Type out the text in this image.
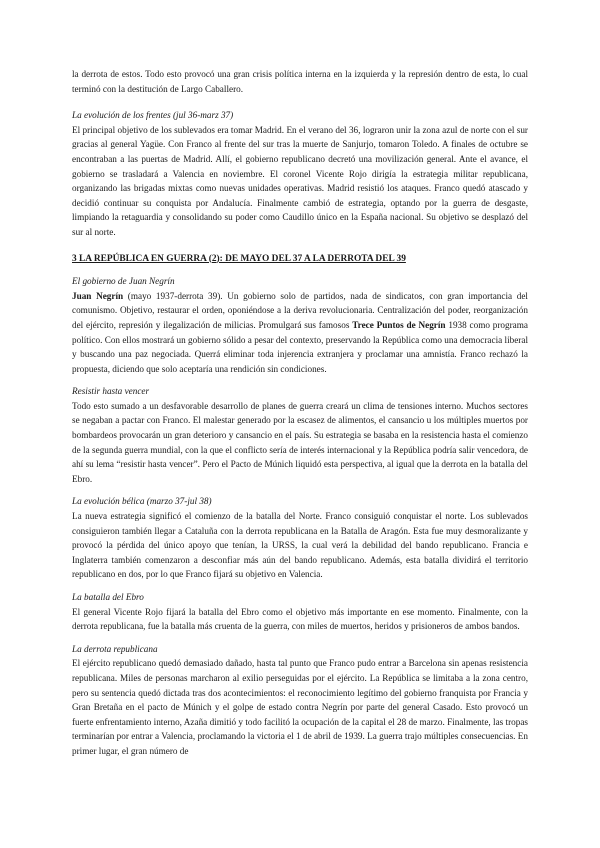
la derrota de estos. Todo esto provocó una gran crisis política interna en la izquierda y la represión dentro de esta, lo cual terminó con la destitución de Largo Caballero.

La evolución de los frentes (jul 36-marz 37)

El principal objetivo de los sublevados era tomar Madrid. En el verano del 36, lograron unir la zona azul de norte con el sur gracias al general Yagüe. Con Franco al frente del sur tras la muerte de Sanjurjo, tomaron Toledo. A finales de octubre se encontraban a las puertas de Madrid. Allí, el gobierno republicano decretó una movilización general. Ante el avance, el gobierno se trasladará a Valencia en noviembre. El coronel Vicente Rojo dirigía la estrategia militar republicana, organizando las brigadas mixtas como nuevas unidades operativas. Madrid resistió los ataques. Franco quedó atascado y decidió continuar su conquista por Andalucía. Finalmente cambió de estrategia, optando por la guerra de desgaste, limpiando la retaguardia y consolidando su poder como Caudillo único en la España nacional. Su objetivo se desplazó del sur al norte.

3 LA REPÚBLICA EN GUERRA (2): DE MAYO DEL 37 A LA DERROTA DEL 39

El gobierno de Juan Negrín

Juan Negrín (mayo 1937-derrota 39). Un gobierno solo de partidos, nada de sindicatos, con gran importancia del comunismo. Objetivo, restaurar el orden, oponiéndose a la deriva revolucionaria. Centralización del poder, reorganización del ejército, represión y ilegalización de milicias. Promulgará sus famosos Trece Puntos de Negrín 1938 como programa político. Con ellos mostrará un gobierno sólido a pesar del contexto, preservando la República como una democracia liberal y buscando una paz negociada. Querrá eliminar toda injerencia extranjera y proclamar una amnistía. Franco rechazó la propuesta, diciendo que solo aceptaría una rendición sin condiciones.

Resistir hasta vencer

Todo esto sumado a un desfavorable desarrollo de planes de guerra creará un clima de tensiones interno. Muchos sectores se negaban a pactar con Franco. El malestar generado por la escasez de alimentos, el cansancio u los múltiples muertos por bombardeos provocarán un gran deterioro y cansancio en el país. Su estrategia se basaba en la resistencia hasta el comienzo de la segunda guerra mundial, con la que el conflicto sería de interés internacional y la República podría salir vencedora, de ahí su lema “resistir hasta vencer”. Pero el Pacto de Múnich liquidó esta perspectiva, al igual que la derrota en la batalla del Ebro.

La evolución bélica (marzo 37-jul 38)

La nueva estrategia significó el comienzo de la batalla del Norte. Franco consiguió conquistar el norte. Los sublevados consiguieron también llegar a Cataluña con la derrota republicana en la Batalla de Aragón. Esta fue muy desmoralizante y provocó la pérdida del único apoyo que tenían, la URSS, la cual verá la debilidad del bando republicano. Francia e Inglaterra también comenzaron a desconfiar más aún del bando republicano. Además, esta batalla dividirá el territorio republicano en dos, por lo que Franco fijará su objetivo en Valencia.

La batalla del Ebro

El general Vicente Rojo fijará la batalla del Ebro como el objetivo más importante en ese momento. Finalmente, con la derrota republicana, fue la batalla más cruenta de la guerra, con miles de muertos, heridos y prisioneros de ambos bandos.

La derrota republicana

El ejército republicano quedó demasiado dañado, hasta tal punto que Franco pudo entrar a Barcelona sin apenas resistencia republicana. Miles de personas marcharon al exilio perseguidas por el ejército. La República se limitaba a la zona centro, pero su sentencia quedó dictada tras dos acontecimientos: el reconocimiento legítimo del gobierno franquista por Francia y Gran Bretaña en el pacto de Múnich y el golpe de estado contra Negrín por parte del general Casado. Esto provocó un fuerte enfrentamiento interno, Azaña dimitió y todo facilitó la ocupación de la capital el 28 de marzo. Finalmente, las tropas terminarían por entrar a Valencia, proclamando la victoria el 1 de abril de 1939. La guerra trajo múltiples consecuencias. En primer lugar, el gran número de
